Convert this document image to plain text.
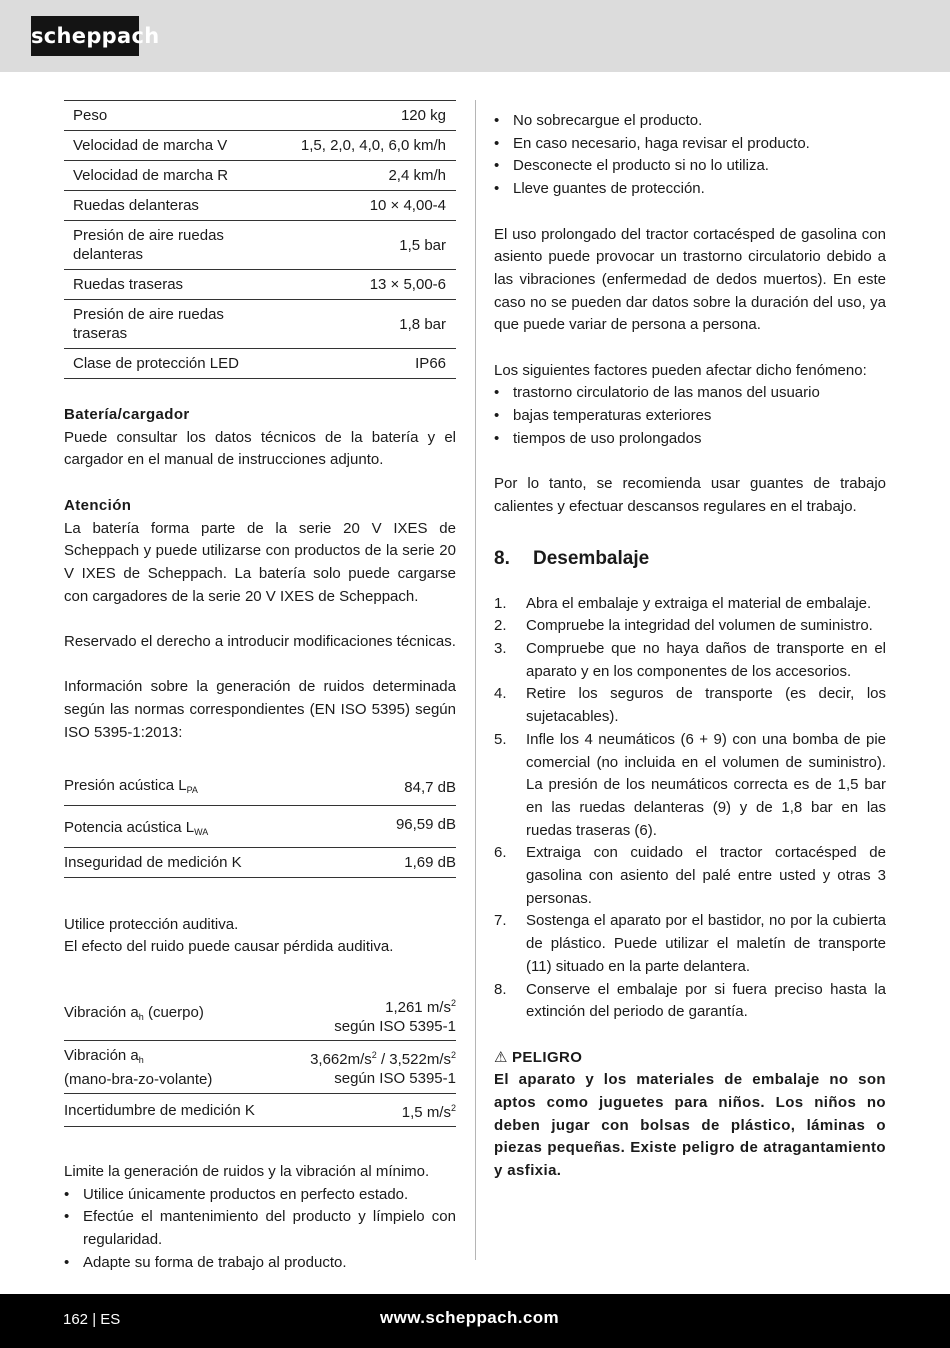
scheppach
Peso	120 kg
Velocidad de marcha V	1,5, 2,0, 4,0, 6,0 km/h
Velocidad de marcha R	2,4 km/h
Ruedas delanteras	10 × 4,00-4
Presión de aire ruedas delanteras	1,5 bar
Ruedas traseras	13 × 5,00-6
Presión de aire ruedas traseras	1,8 bar
Clase de protección LED	IP66

Batería/cargador

Puede consultar los datos técnicos de la batería y el cargador en el manual de instrucciones adjunto.

Atención

La batería forma parte de la serie 20 V IXES de Scheppach y puede utilizarse con productos de la serie 20 V IXES de Scheppach. La batería solo puede cargarse con cargadores de la serie 20 V IXES de Scheppach.

Reservado el derecho a introducir modificaciones técnicas.

Información sobre la generación de ruidos determinada según las normas correspondientes (EN ISO 5395) según ISO 5395-1:2013:

Presión acústica $L_{PA}$	84,7 dB
Potencia acústica $L_{WA}$	96,59 dB
Inseguridad de medición K	1,69 dB

Utilice protección auditiva.

El efecto del ruido puede causar pérdida auditiva.

Vibración $a_h$ (cuerpo)	1,261 $m/s^2$
según ISO 5395-1
Vibración $a_h$
(mano-bra-zo-volante)	$3,662m/s^2 / 3,522m/s^2$
según ISO 5395-1
Incertidumbre de medición K	1,5 $m/s^2$

Limite la generación de ruidos y la vibración al mínimo.

• Utilice únicamente productos en perfecto estado.
• Efectúe el mantenimiento del producto y límpielo con regularidad.
• Adapte su forma de trabajo al producto.
• No sobrecargue el producto.
• En caso necesario, haga revisar el producto.
• Desconecte el producto si no lo utiliza.
• Lleve guantes de protección.

El uso prolongado del tractor cortacésped de gasolina con asiento puede provocar un trastorno circulatorio debido a las vibraciones (enfermedad de dedos muertos). En este caso no se pueden dar datos sobre la duración del uso, ya que puede variar de persona a persona.

Los siguientes factores pueden afectar dicho fenómeno:

• trastorno circulatorio de las manos del usuario
• bajas temperaturas exteriores
• tiempos de uso prolongados

Por lo tanto, se recomienda usar guantes de trabajo calientes y efectuar descansos regulares en el trabajo.

8. Desembalaje
1. Abra el embalaje y extraiga el material de embalaje.
2. Compruebe la integridad del volumen de suministro.
3. Compruebe que no haya daños de transporte en el aparato y en los componentes de los accesorios.
4. Retire los seguros de transporte (es decir, los sujetacables).
5. Infle los 4 neumáticos (6 + 9) con una bomba de pie comercial (no incluida en el volumen de suministro). La presión de los neumáticos correcta es de 1,5 bar en las ruedas delanteras (9) y de 1,8 bar en las ruedas traseras (6).
6. Extraiga con cuidado el tractor cortacésped de gasolina con asiento del palé entre usted y otras 3 personas.
7. Sostenga el aparato por el bastidor, no por la cubierta de plástico. Puede utilizar el maletín de transporte (11) situado en la parte delantera.
8. Conserve el embalaje por si fuera preciso hasta la extinción del periodo de garantía.

⚠ PELIGRO

El aparato y los materiales de embalaje no son aptos como juguetes para niños. Los niños no deben jugar con bolsas de plástico, láminas o piezas pequeñas. Existe peligro de atragantamiento y asfixia.

162 | ES	www.scheppach.com
